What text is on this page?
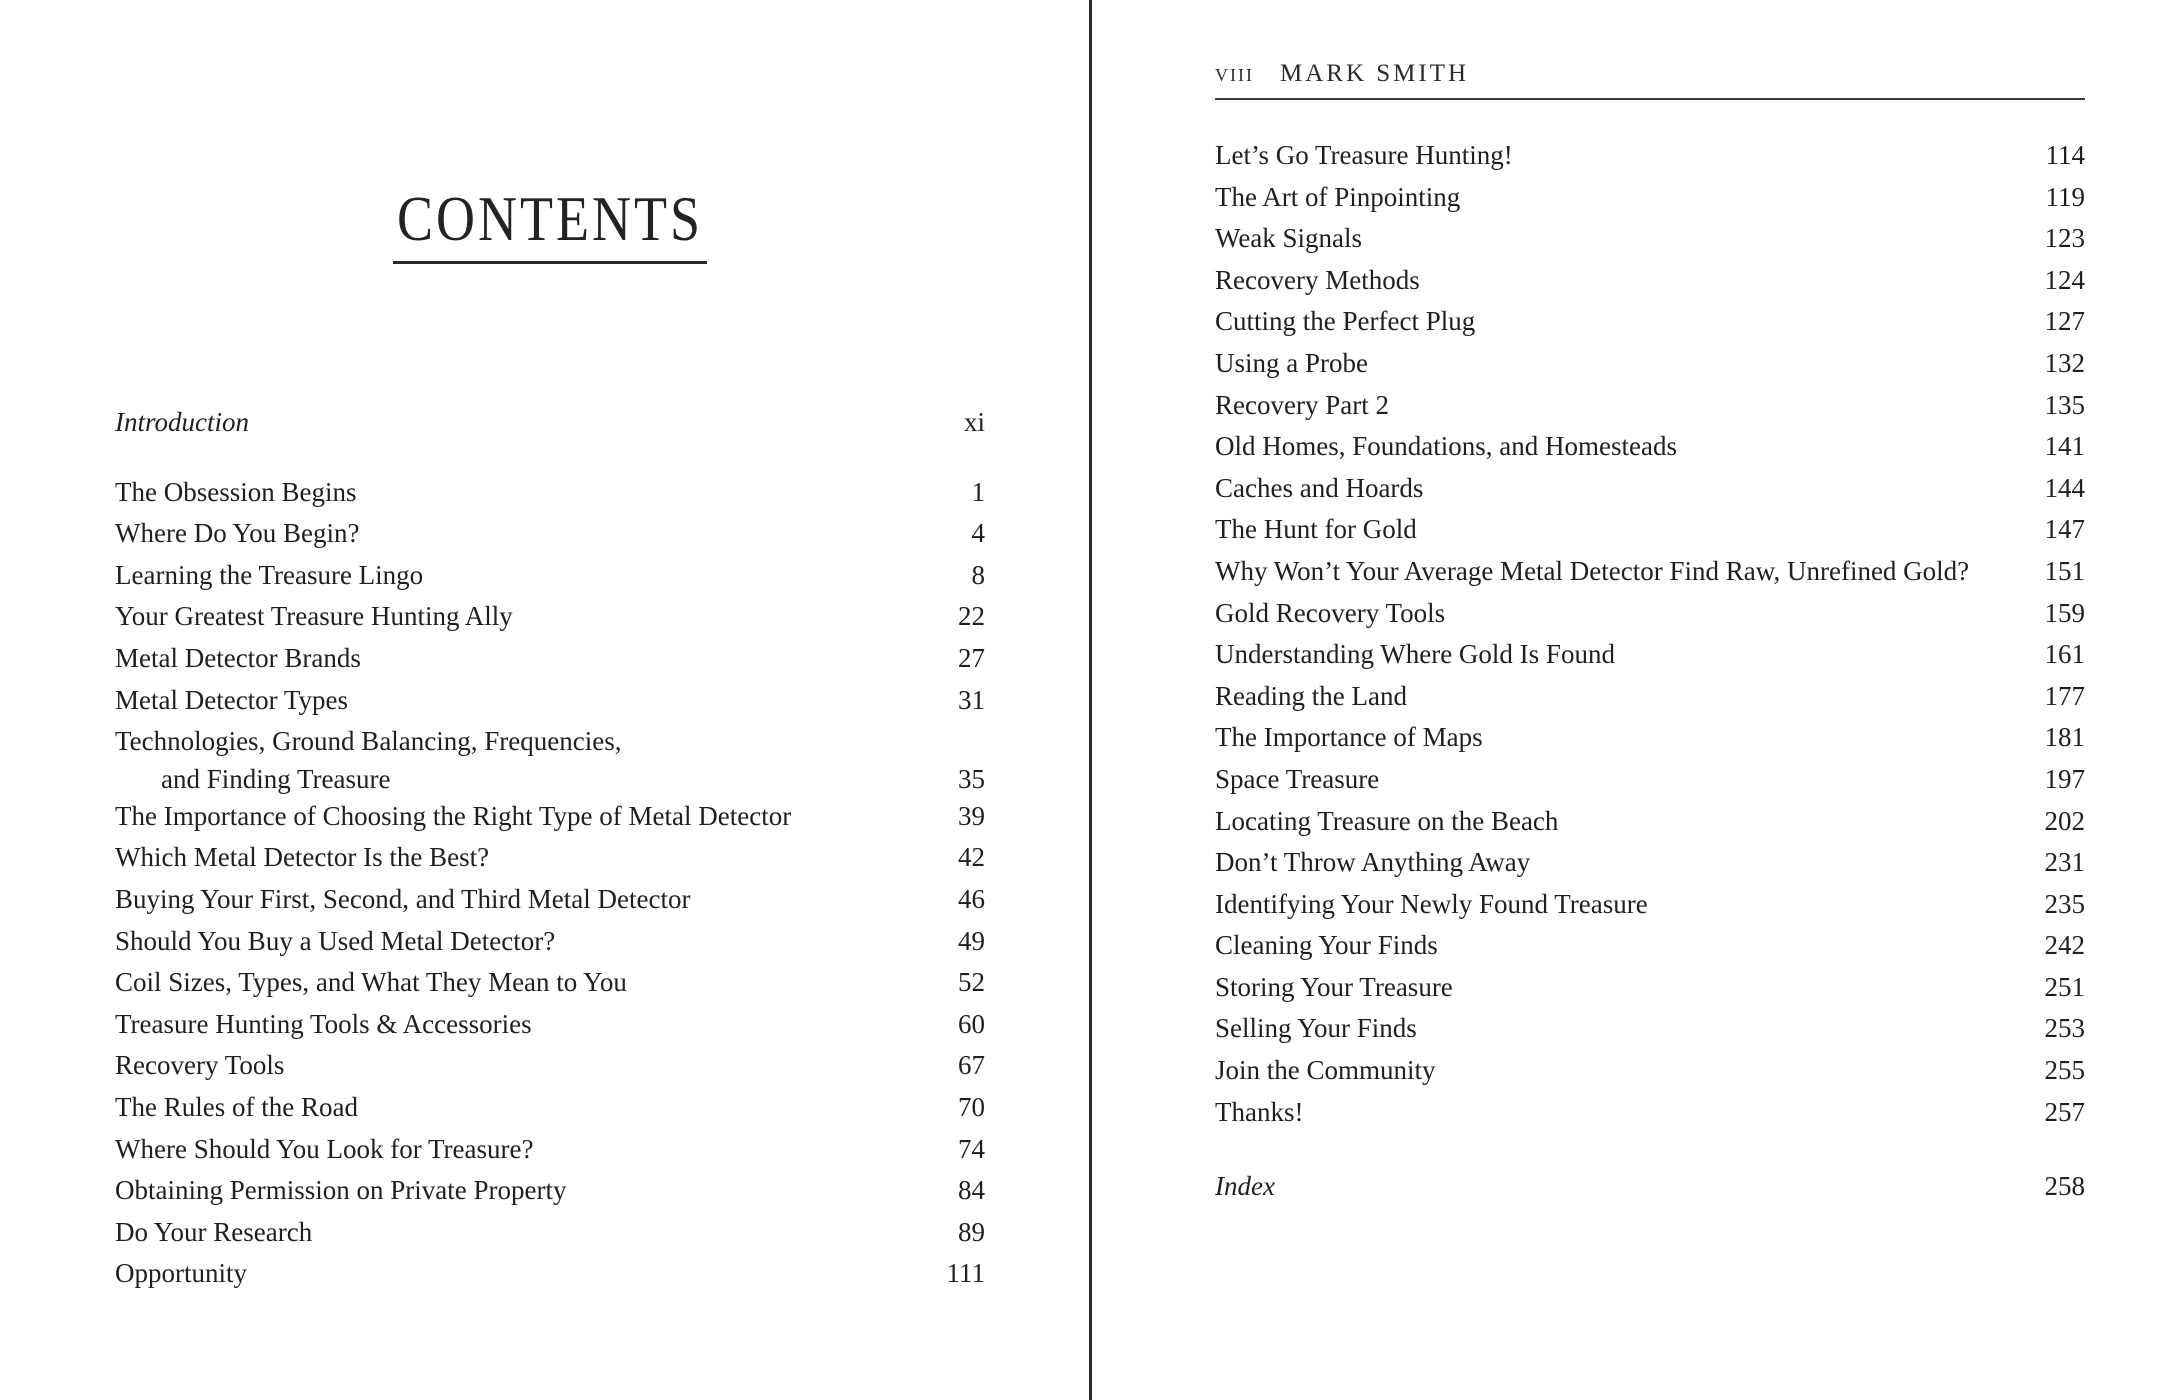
CONTENTS
Introduction	xi
The Obsession Begins	1
Where Do You Begin?	4
Learning the Treasure Lingo	8
Your Greatest Treasure Hunting Ally	22
Metal Detector Brands	27
Metal Detector Types	31
Technologies, Ground Balancing, Frequencies,
and Finding Treasure	35
The Importance of Choosing the Right Type of Metal Detector	39
Which Metal Detector Is the Best?	42
Buying Your First, Second, and Third Metal Detector	46
Should You Buy a Used Metal Detector?	49
Coil Sizes, Types, and What They Mean to You	52
Treasure Hunting Tools & Accessories	60
Recovery Tools	67
The Rules of the Road	70
Where Should You Look for Treasure?	74
Obtaining Permission on Private Property	84
Do Your Research	89
Opportunity	111
viii MARK SMITH
Let’s Go Treasure Hunting!	114
The Art of Pinpointing	119
Weak Signals	123
Recovery Methods	124
Cutting the Perfect Plug	127
Using a Probe	132
Recovery Part 2	135
Old Homes, Foundations, and Homesteads	141
Caches and Hoards	144
The Hunt for Gold	147
Why Won’t Your Average Metal Detector Find Raw, Unrefined Gold?	151
Gold Recovery Tools	159
Understanding Where Gold Is Found	161
Reading the Land	177
The Importance of Maps	181
Space Treasure	197
Locating Treasure on the Beach	202
Don’t Throw Anything Away	231
Identifying Your Newly Found Treasure	235
Cleaning Your Finds	242
Storing Your Treasure	251
Selling Your Finds	253
Join the Community	255
Thanks!	257
Index	258
